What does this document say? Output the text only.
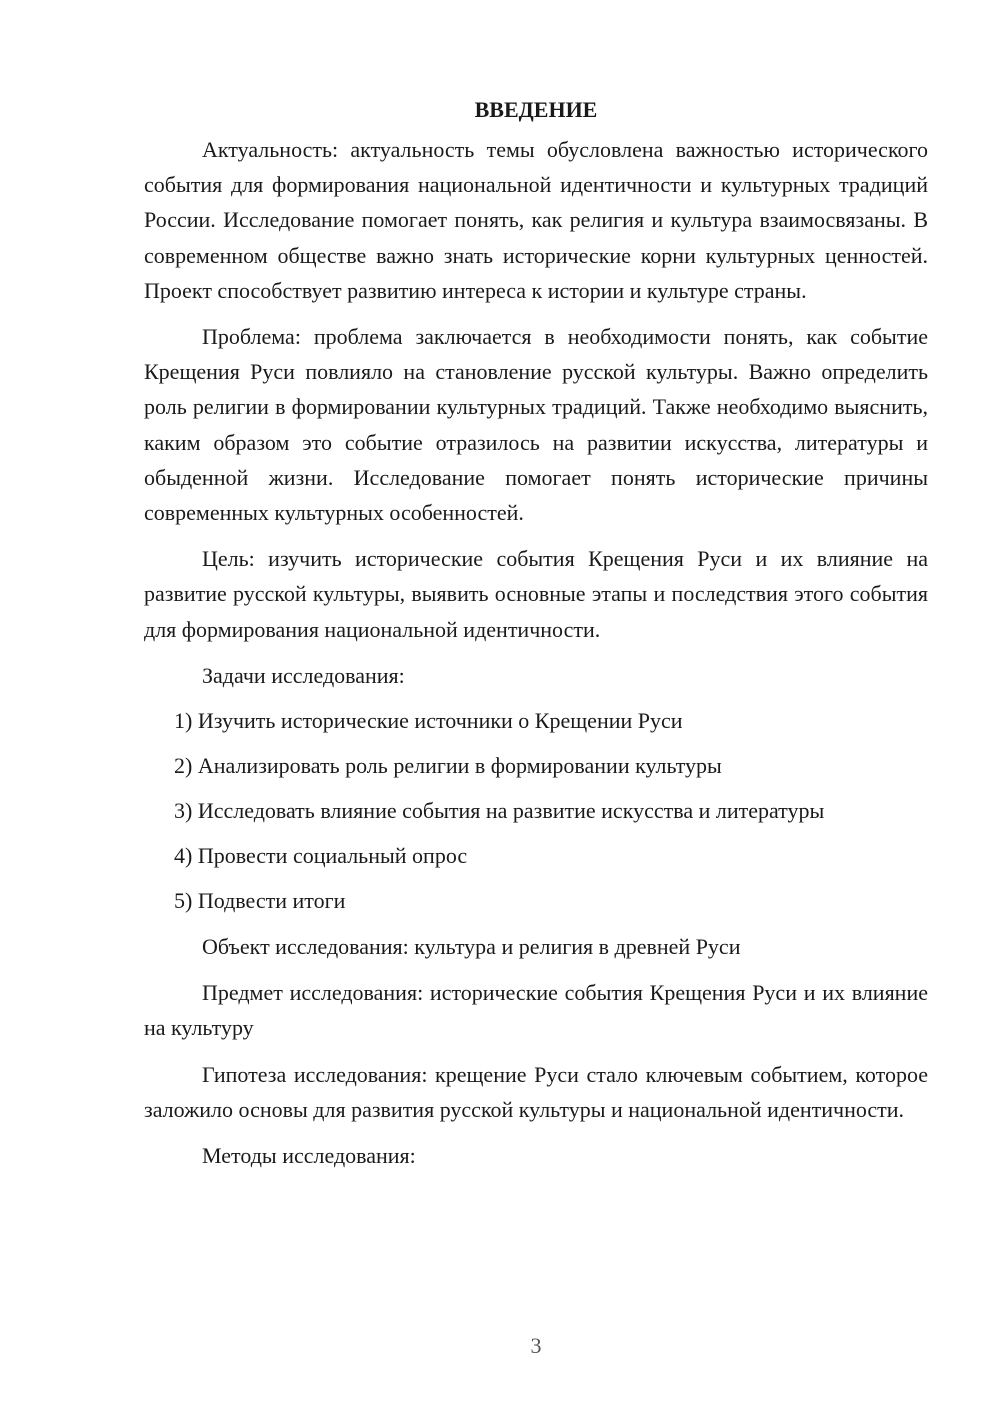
ВВЕДЕНИЕ

Актуальность: актуальность темы обусловлена важностью исторического события для формирования национальной идентичности и культурных традиций России. Исследование помогает понять, как религия и культура взаимосвязаны. В современном обществе важно знать исторические корни культурных ценностей. Проект способствует развитию интереса к истории и культуре страны.

Проблема: проблема заключается в необходимости понять, как событие Крещения Руси повлияло на становление русской культуры. Важно определить роль религии в формировании культурных традиций. Также необходимо выяснить, каким образом это событие отразилось на развитии искусства, литературы и обыденной жизни. Исследование помогает понять исторические причины современных культурных особенностей.

Цель: изучить исторические события Крещения Руси и их влияние на развитие русской культуры, выявить основные этапы и последствия этого события для формирования национальной идентичности.

Задачи исследования:

1) Изучить исторические источники о Крещении Руси
2) Анализировать роль религии в формировании культуры
3) Исследовать влияние события на развитие искусства и литературы
4) Провести социальный опрос
5) Подвести итоги

Объект исследования: культура и религия в древней Руси

Предмет исследования: исторические события Крещения Руси и их влияние на культуру

Гипотеза исследования: крещение Руси стало ключевым событием, которое заложило основы для развития русской культуры и национальной идентичности.

Методы исследования:

3
